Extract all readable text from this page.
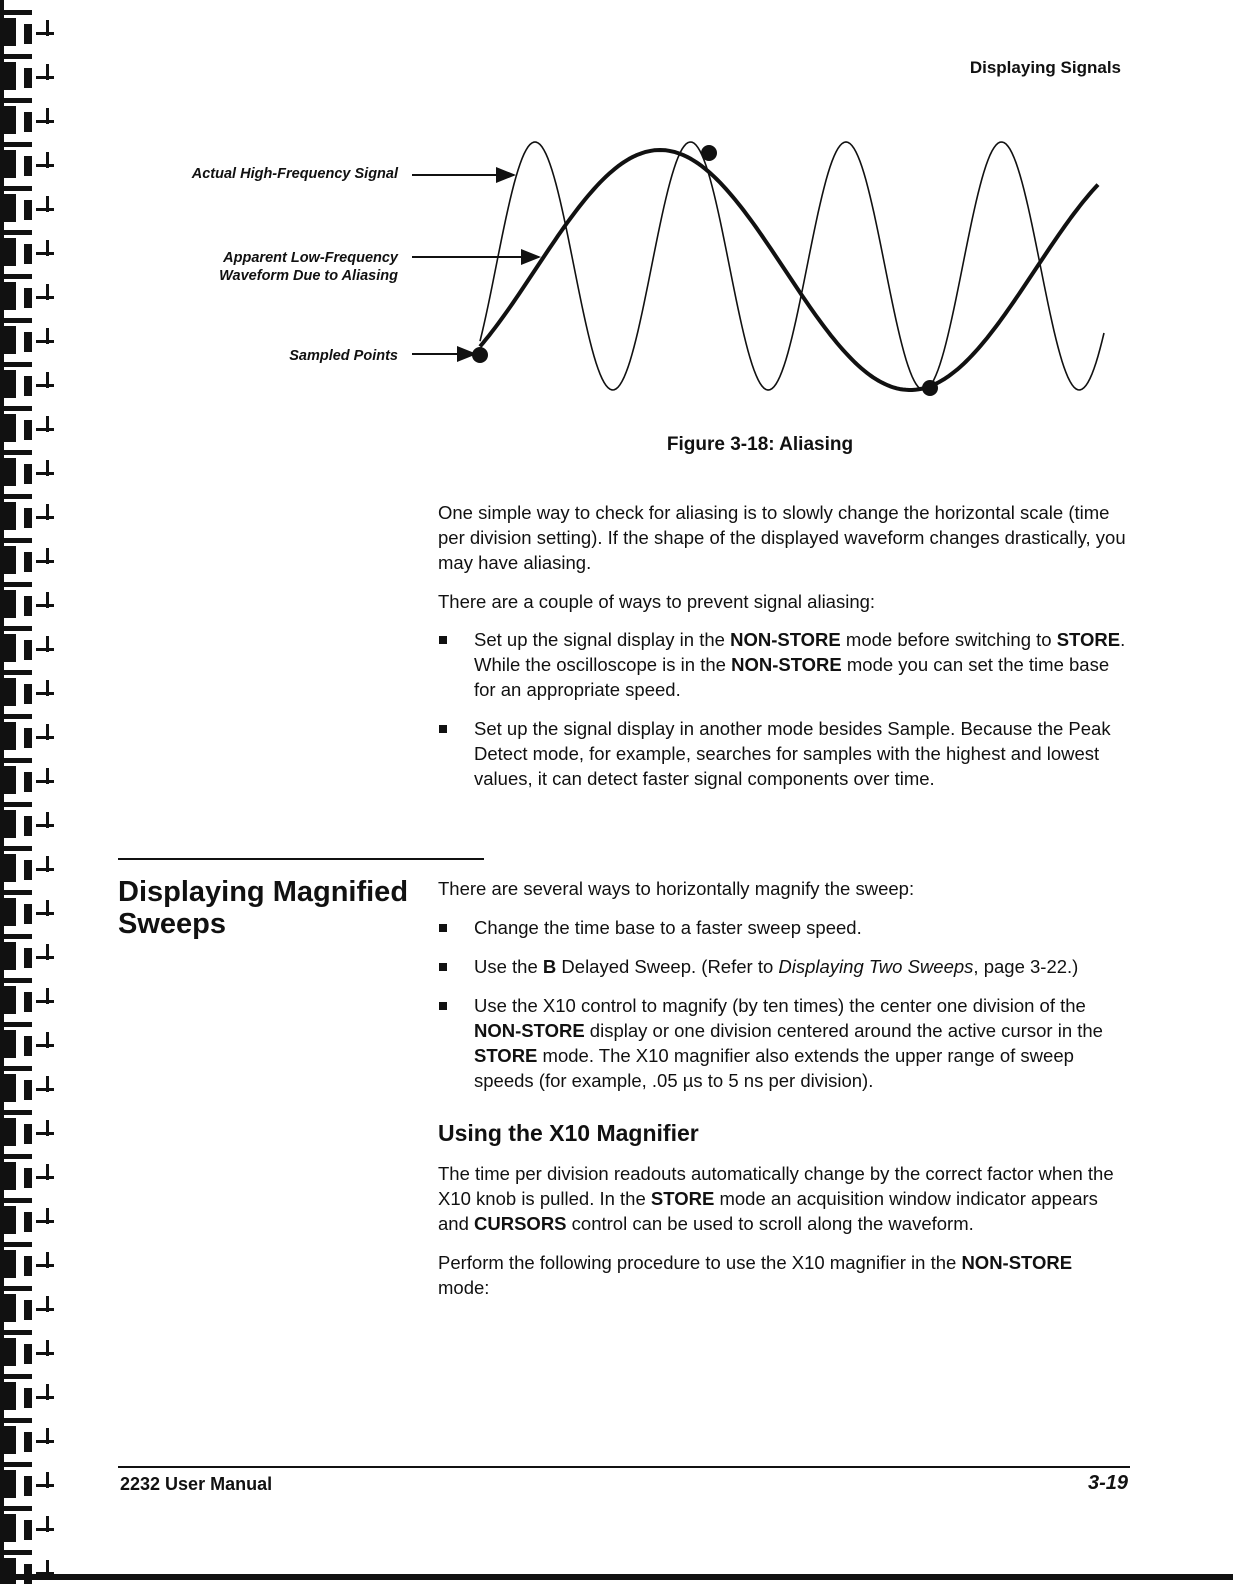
Displaying Signals
Actual High-Frequency Signal
Apparent Low-Frequency
Waveform Due to Aliasing
Sampled Points
Figure 3-18: Aliasing

One simple way to check for aliasing is to slowly change the horizontal scale (time per division setting). If the shape of the displayed waveform changes drastically, you may have aliasing.

There are a couple of ways to prevent signal aliasing:

Set up the signal display in the NON-STORE mode before switching to STORE. While the oscilloscope is in the NON-STORE mode you can set the time base for an appropriate speed.
Set up the signal display in another mode besides Sample. Because the Peak Detect mode, for example, searches for samples with the highest and lowest values, it can detect faster signal components over time.
Displaying Magnified Sweeps

There are several ways to horizontally magnify the sweep:

Change the time base to a faster sweep speed.
Use the B Delayed Sweep. (Refer to Displaying Two Sweeps, page 3-22.)
Use the X10 control to magnify (by ten times) the center one division of the NON-STORE display or one division centered around the active cursor in the STORE mode. The X10 magnifier also extends the upper range of sweep speeds (for example, .05 µs to 5 ns per division).
Using the X10 Magnifier

The time per division readouts automatically change by the correct factor when the X10 knob is pulled. In the STORE mode an acquisition window indicator appears and CURSORS control can be used to scroll along the waveform.

Perform the following procedure to use the X10 magnifier in the NON-STORE mode:

2232 User Manual	3-19
